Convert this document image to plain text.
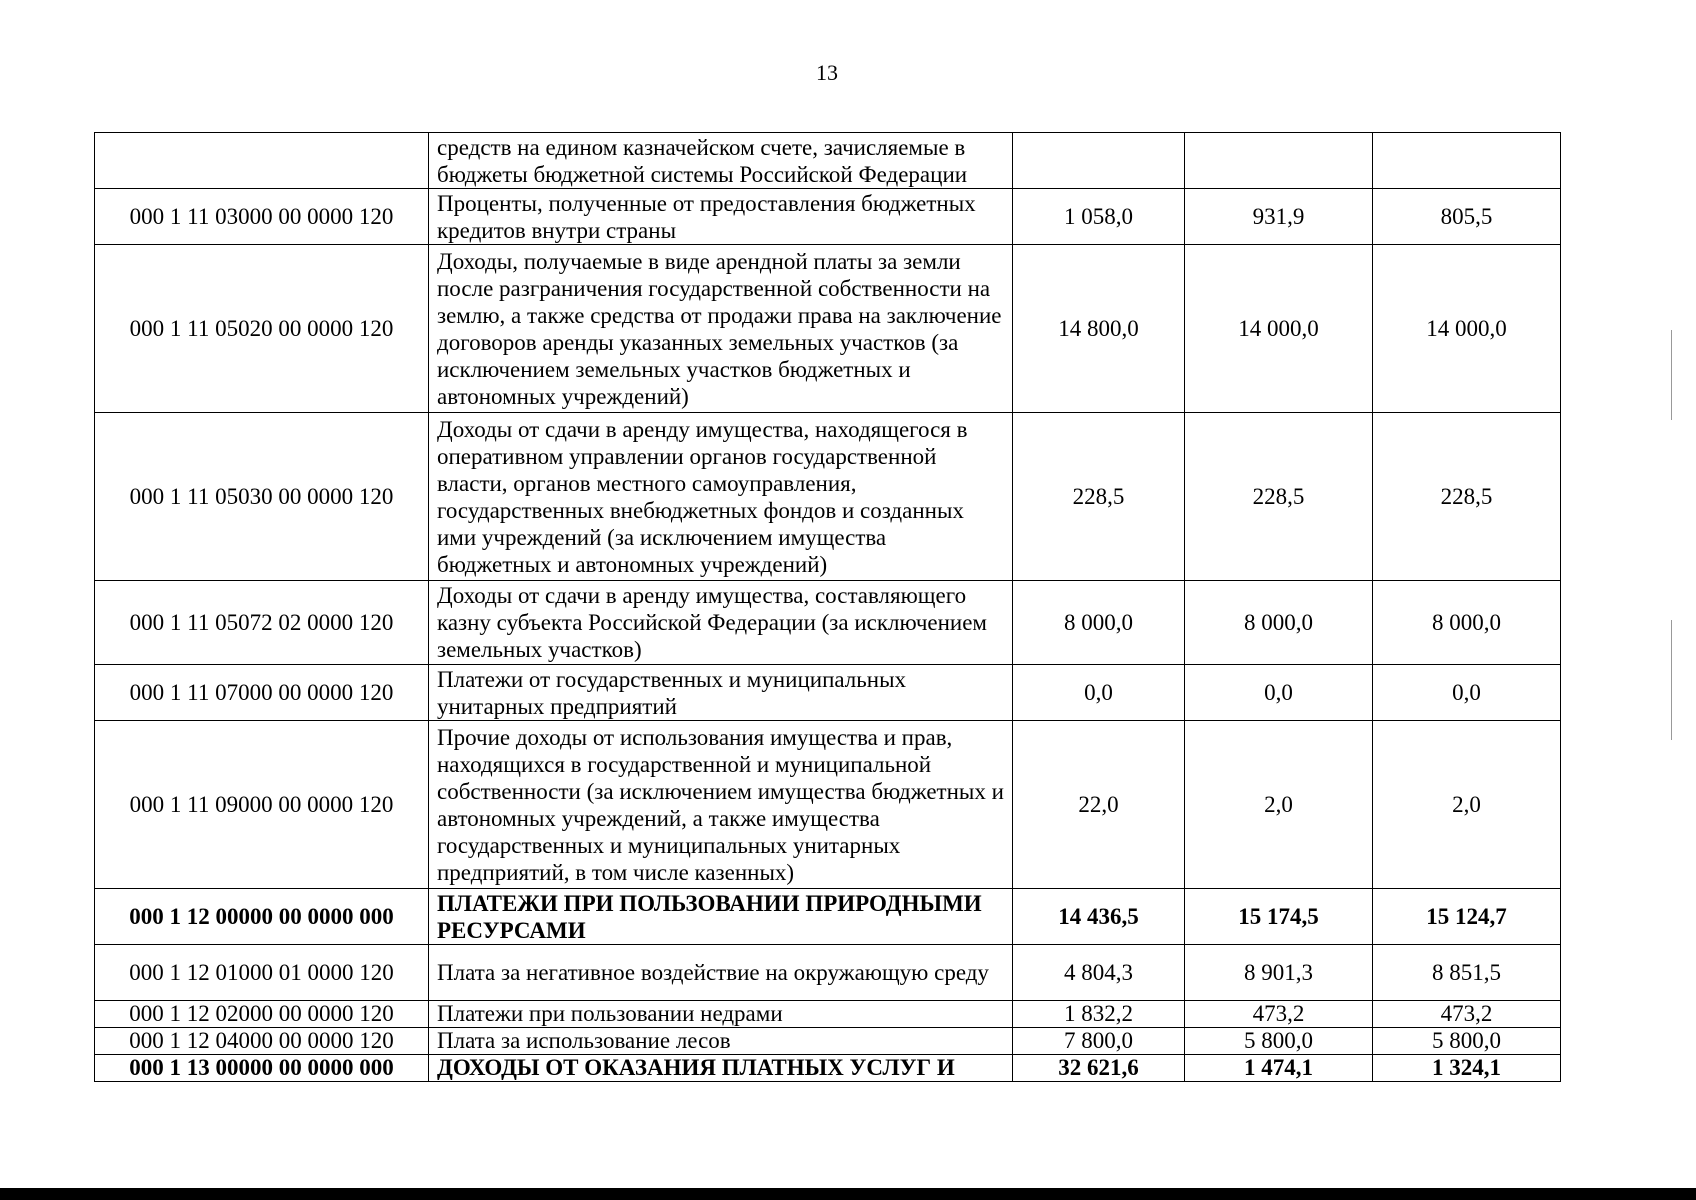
13
	средств на едином казначейском счете, зачисляемые в бюджеты бюджетной системы Российской Федерации			
000 1 11 03000 00 0000 120	Проценты, полученные от предоставления бюджетных кредитов внутри страны	1 058,0	931,9	805,5
000 1 11 05020 00 0000 120	Доходы, получаемые в виде арендной платы за земли после разграничения государственной собственности на землю, а также средства от продажи права на заключение договоров аренды указанных земельных участков (за исключением земельных участков бюджетных и автономных учреждений)	14 800,0	14 000,0	14 000,0
000 1 11 05030 00 0000 120	Доходы от сдачи в аренду имущества, находящегося в оперативном управлении органов государственной власти, органов местного самоуправления, государственных внебюджетных фондов и созданных ими учреждений (за исключением имущества бюджетных и автономных учреждений)	228,5	228,5	228,5
000 1 11 05072 02 0000 120	Доходы от сдачи в аренду имущества, составляющего казну субъекта Российской Федерации (за исключением земельных участков)	8 000,0	8 000,0	8 000,0
000 1 11 07000 00 0000 120	Платежи от государственных и муниципальных унитарных предприятий	0,0	0,0	0,0
000 1 11 09000 00 0000 120	Прочие доходы от использования имущества и прав, находящихся в государственной и муниципальной собственности (за исключением имущества бюджетных и автономных учреждений, а также имущества государственных и муниципальных унитарных предприятий, в том числе казенных)	22,0	2,0	2,0
000 1 12 00000 00 0000 000	ПЛАТЕЖИ ПРИ ПОЛЬЗОВАНИИ ПРИРОДНЫМИ РЕСУРСАМИ	14 436,5	15 174,5	15 124,7
000 1 12 01000 01 0000 120	Плата за негативное воздействие на окружающую среду	4 804,3	8 901,3	8 851,5
000 1 12 02000 00 0000 120	Платежи при пользовании недрами	1 832,2	473,2	473,2
000 1 12 04000 00 0000 120	Плата за использование лесов	7 800,0	5 800,0	5 800,0
000 1 13 00000 00 0000 000	ДОХОДЫ ОТ ОКАЗАНИЯ ПЛАТНЫХ УСЛУГ И	32 621,6	1 474,1	1 324,1
